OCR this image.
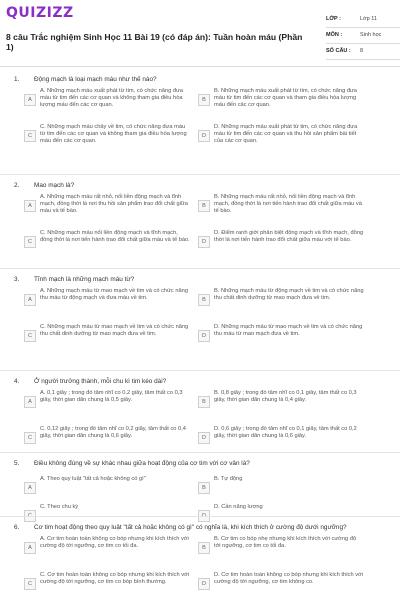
QUIZIZZ
8 câu Trắc nghiệm Sinh Học 11 Bài 19 (có đáp án): Tuần hoàn máu (Phần 1)
LỚP :	Lớp 11
MÔN :	Sinh học
SỐ CÂU : 8
1. Động mạch là loại mạch máu như thế nào?
A
A. Những mạch máu xuất phát từ tim, có chức năng đưa máu từ tim đến các cơ quan và không tham gia điều hòa lượng máu đến các cơ quan.
B
B. Những mạch máu xuất phát từ tim, có chức năng đưa máu từ tim đến các cơ quan và tham gia điều hòa lượng máu đến các cơ quan.
C
C. Những mạch máu chảy về tim, có chức năng đưa máu từ tim đến các cơ quan và không tham gia điều hòa lượng máu đến các cơ quan.
D
D. Những mạch máu xuất phát từ tim, có chức năng đưa máu từ tim đến các cơ quan và thu hồi sản phẩm bài tiết của các cơ quan.
2. Mao mạch là?
A
A. Những mạch máu rất nhỏ, nối liền động mạch và tĩnh mạch, đồng thời là nơi thu hồi sản phẩm trao đổi chất giữa máu và tế bào.
B
B. Những mạch máu rất nhỏ, nối liền động mạch và tĩnh mạch, đồng thời là nơi tiến hành trao đổi chất giữa máu và tế bào.
C
C. Những mạch máu nối liền động mạch và tĩnh mạch, đồng thời là nơi tiến hành trao đổi chất giữa máu và tế bào.	D
D. Điểm ranh giới phân biệt động mạch và tĩnh mạch, đồng thời là nơi tiến hành trao đổi chất giữa máu với tế bào.
3. Tĩnh mạch là những mạch máu từ?
A
A. Những mạch máu từ mao mạch về tim và có chức năng thu máu từ động mạch và đưa máu về tim.	B
B. Những mạch máu từ động mạch về tim và có chức năng thu chất dinh dưỡng từ mao mạch đưa về tim.
C
C. Những mạch máu từ mao mạch về tim và có chức năng thu chất dinh dưỡng từ mao mạch đưa về tim.	D
D. Những mạch máu từ mao mạch về tim và có chức năng thu máu từ mao mạch đưa về tim.
4. Ở người trưởng thành, mỗi chu kì tim kéo dài?
A
A. 0,1 giây ; trong đó tâm nhĩ co 0,2 giây, tâm thất co 0,3 giây, thời gian dãn chung là 0,5 giây.	B
B. 0,8 giây ; trong đó tâm nhĩ co 0,1 giây, tâm thất co 0,3 giây, thời gian dãn chung là 0,4 giây.
C
C. 0,12 giây ; trong đó tâm nhĩ co 0,2 giây, tâm thất co 0,4 giây, thời gian dãn chung là 0,6 giây.	D
D. 0,6 giây ; trong đó tâm nhĩ co 0,1 giây, tâm thất co 0,2 giây, thời gian dãn chung là 0,6 giây.
5. Điều không đúng về sự khác nhau giữa hoạt động của cơ tim với cơ vân là?
A
A. Theo quy luật "tất cả hoặc không có gì"
B
B. Tự động
C. Theo chu kỳ	D. Cần năng lượng
6. Cơ tim hoạt động theo quy luật "tất cả hoặc không có gì" có nghĩa là, khi kích thích ở cường độ dưới ngưỡng?
A
A. Cơ tim hoàn toàn không co bóp nhưng khi kích thích với cường độ tới ngưỡng, cơ tim co tối đa.	B
B. Cơ tim co bóp nhẹ nhưng khi kích thích với cường độ tới ngưỡng, cơ tim co tối đa.
C
C. Cơ tim hoàn toàn không co bóp nhưng khi kích thích với cường độ tới ngưỡng, cơ tim co bóp bình thường.	D
D. Cơ tim hoàn toàn không co bóp nhưng khi kích thích với cường độ tới ngưỡng, cơ tim không co.
